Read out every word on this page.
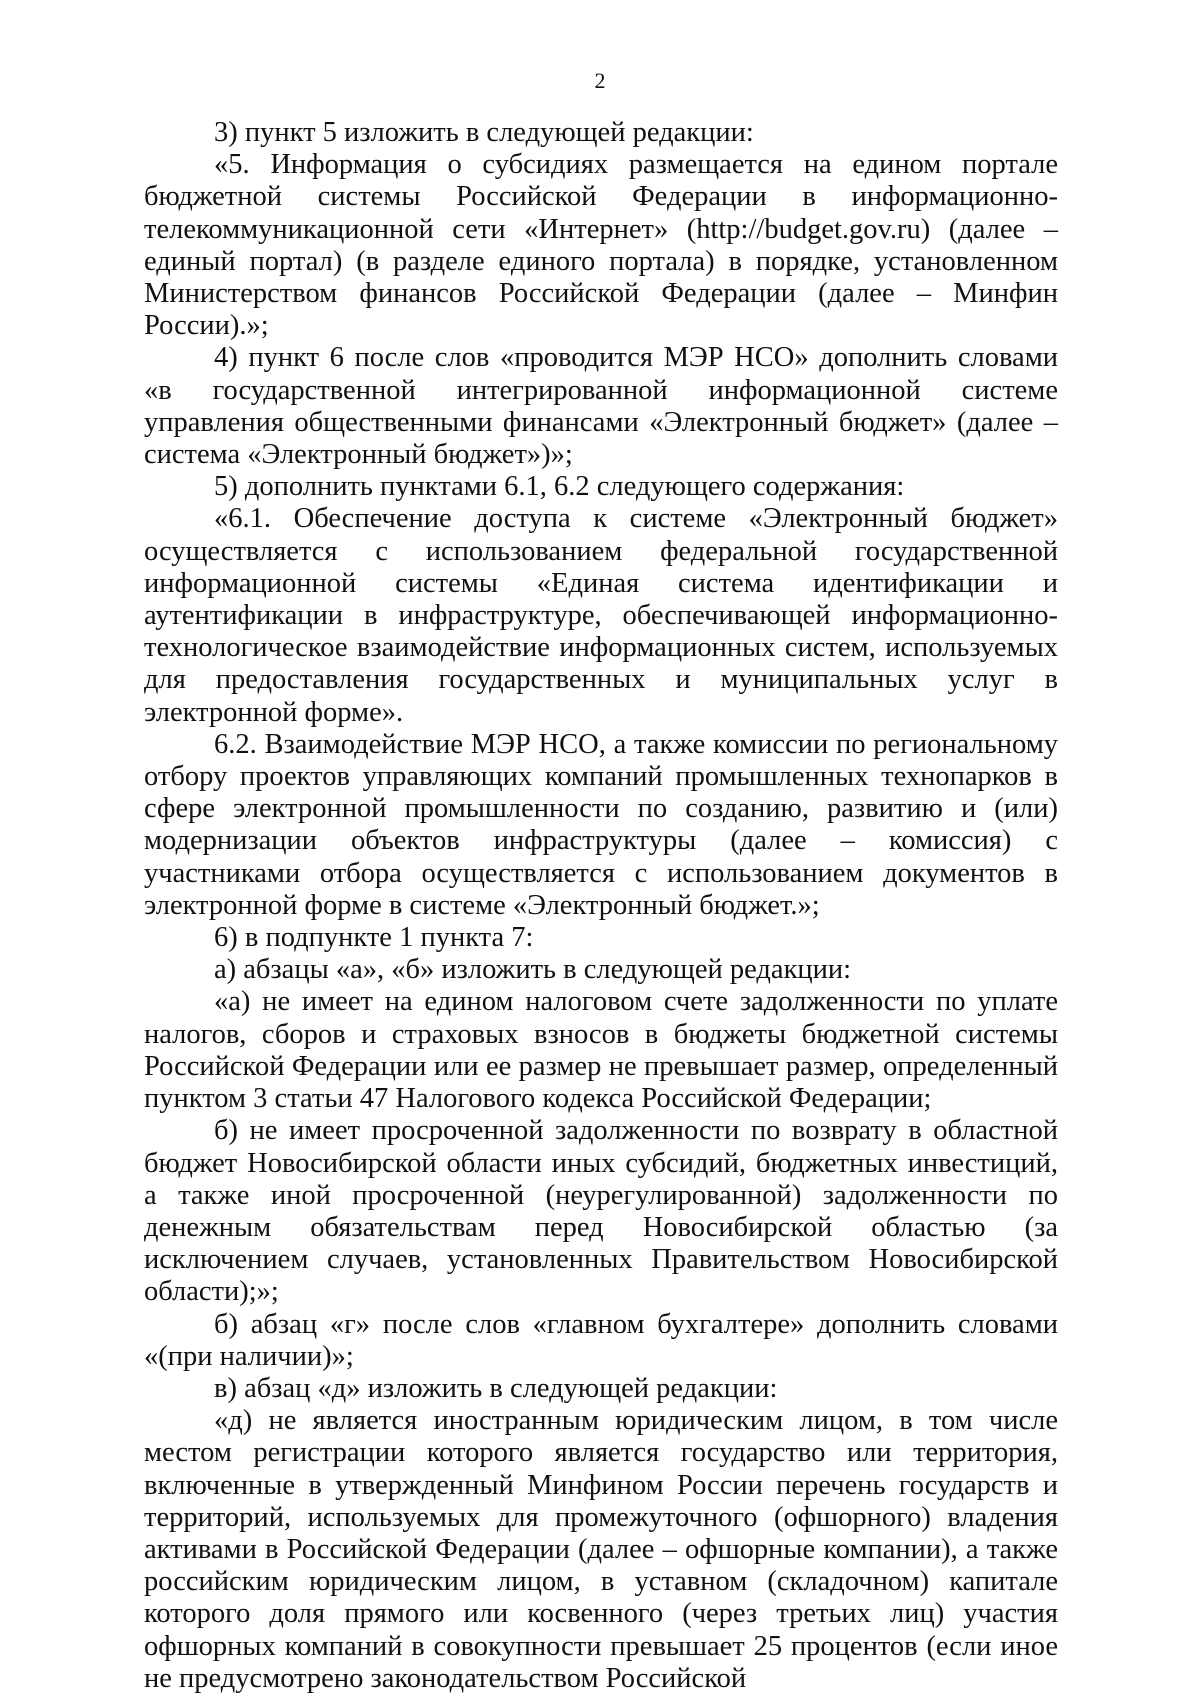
2

3) пункт 5 изложить в следующей редакции:

«5. Информация о субсидиях размещается на едином портале бюджетной системы Российской Федерации в информационно-телекоммуникационной сети «Интернет» (http://budget.gov.ru) (далее – единый портал) (в разделе единого портала) в порядке, установленном Министерством финансов Российской Федерации (далее – Минфин России).»;

4) пункт 6 после слов «проводится МЭР НСО» дополнить словами «в государственной интегрированной информационной системе управления общественными финансами «Электронный бюджет» (далее – система «Электронный бюджет»)»;

5) дополнить пунктами 6.1, 6.2 следующего содержания:

«6.1. Обеспечение доступа к системе «Электронный бюджет» осуществляется с использованием федеральной государственной информационной системы «Единая система идентификации и аутентификации в инфраструктуре, обеспечивающей информационно-технологическое взаимодействие информационных систем, используемых для предоставления государственных и муниципальных услуг в электронной форме».

6.2. Взаимодействие МЭР НСО, а также комиссии по региональному отбору проектов управляющих компаний промышленных технопарков в сфере электронной промышленности по созданию, развитию и (или) модернизации объектов инфраструктуры (далее – комиссия) с участниками отбора осуществляется с использованием документов в электронной форме в системе «Электронный бюджет.»;

6) в подпункте 1 пункта 7:

а) абзацы «а», «б» изложить в следующей редакции:

«а) не имеет на едином налоговом счете задолженности по уплате налогов, сборов и страховых взносов в бюджеты бюджетной системы Российской Федерации или ее размер не превышает размер, определенный пунктом 3 статьи 47 Налогового кодекса Российской Федерации;

б) не имеет просроченной задолженности по возврату в областной бюджет Новосибирской области иных субсидий, бюджетных инвестиций, а также иной просроченной (неурегулированной) задолженности по денежным обязательствам перед Новосибирской областью (за исключением случаев, установленных Правительством Новосибирской области);»;

б) абзац «г» после слов «главном бухгалтере» дополнить словами «(при наличии)»;

в) абзац «д» изложить в следующей редакции:

«д) не является иностранным юридическим лицом, в том числе местом регистрации которого является государство или территория, включенные в утвержденный Минфином России перечень государств и территорий, используемых для промежуточного (офшорного) владения активами в Российской Федерации (далее – офшорные компании), а также российским юридическим лицом, в уставном (складочном) капитале которого доля прямого или косвенного (через третьих лиц) участия офшорных компаний в совокупности превышает 25 процентов (если иное не предусмотрено законодательством Российской
